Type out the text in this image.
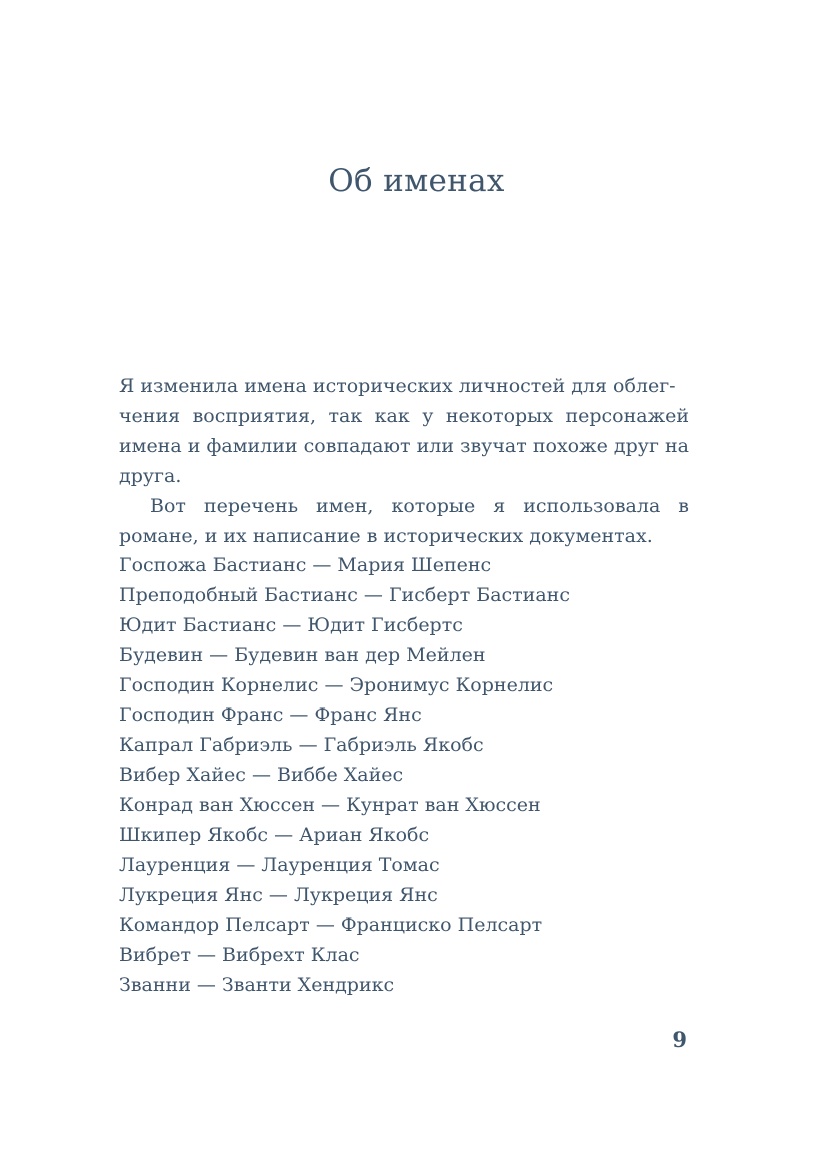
Об именах

Я изменила имена исторических личностей для облег-
чения восприятия, так как у некоторых персонажей имена и фамилии совпадают или звучат похоже друг на друга.

Вот перечень имен, которые я использовала в романе, и их написание в исторических документах.

Госпожа Бастианс — Мария Шепенс
Преподобный Бастианс — Гисберт Бастианс
Юдит Бастианс — Юдит Гисбертс
Будевин — Будевин ван дер Мейлен
Господин Корнелис — Эронимус Корнелис
Господин Франс — Франс Янс
Капрал Габриэль — Габриэль Якобс
Вибер Хайес — Виббе Хайес
Конрад ван Хюссен — Кунрат ван Хюссен
Шкипер Якобс — Ариан Якобс
Лауренция — Лауренция Томас
Лукреция Янс — Лукреция Янс
Командор Пелсарт — Франциско Пелсарт
Вибрет — Вибрехт Клас
Званни — Званти Хендрикс
9
